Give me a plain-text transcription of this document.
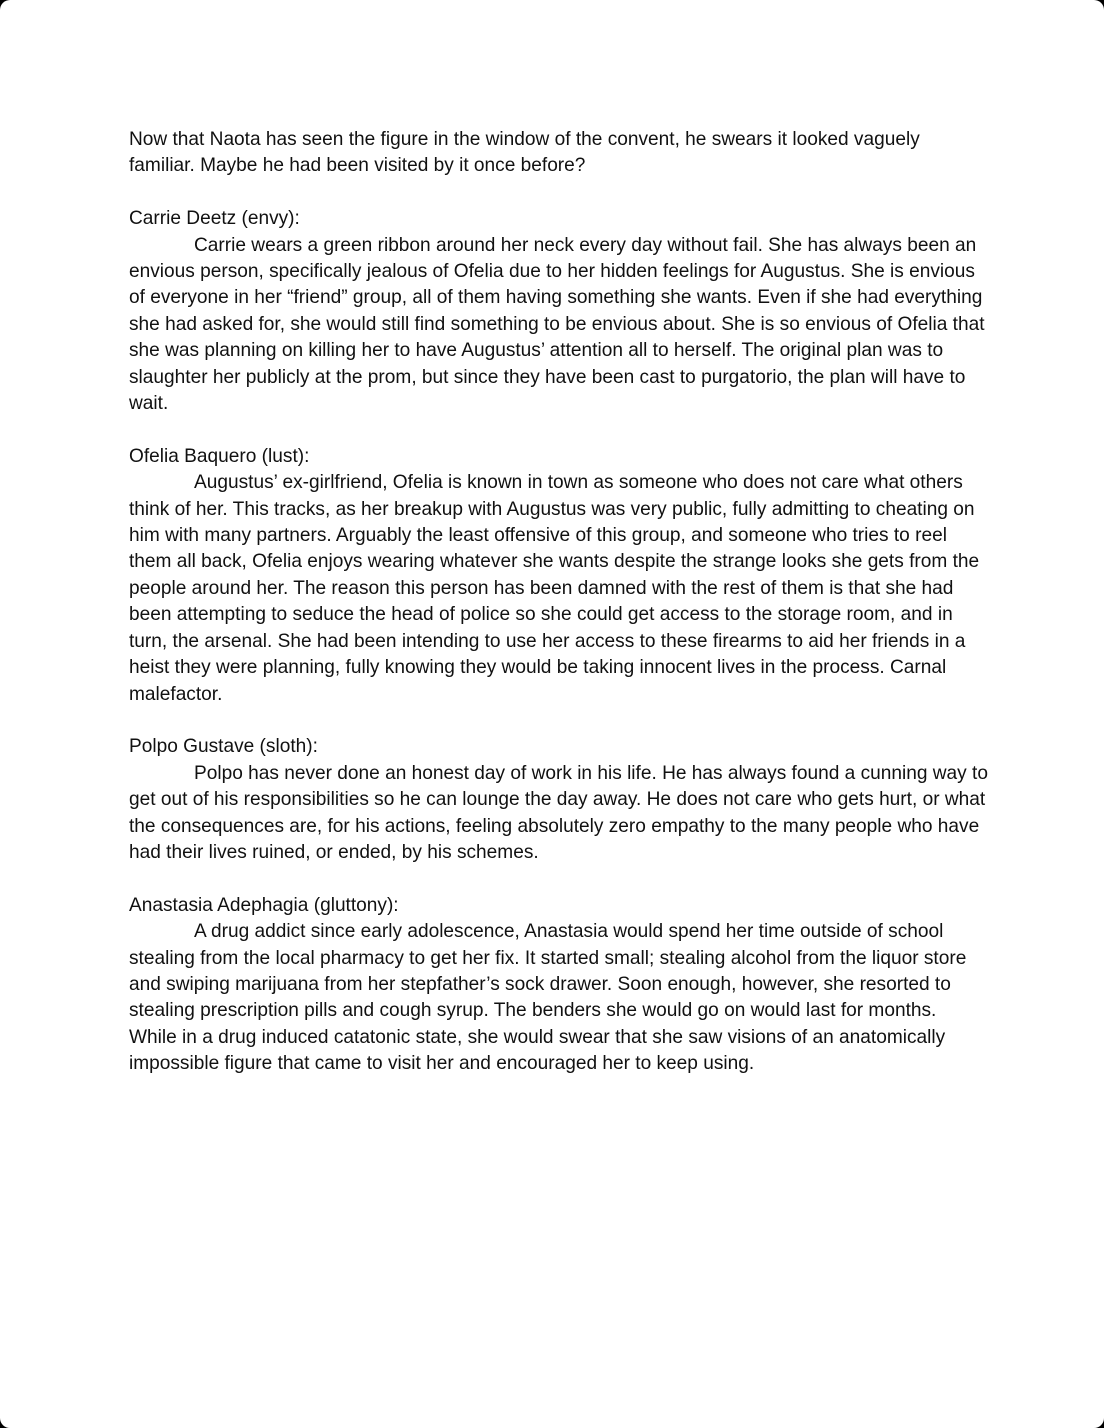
Now that Naota has seen the figure in the window of the convent, he swears it looked vaguely familiar. Maybe he had been visited by it once before?

Carrie Deetz (envy):

Carrie wears a green ribbon around her neck every day without fail. She has always been an envious person, specifically jealous of Ofelia due to her hidden feelings for Augustus. She is envious of everyone in her “friend” group, all of them having something she wants. Even if she had everything she had asked for, she would still find something to be envious about. She is so envious of Ofelia that she was planning on killing her to have Augustus’ attention all to herself. The original plan was to slaughter her publicly at the prom, but since they have been cast to purgatorio, the plan will have to wait.

Ofelia Baquero (lust):

Augustus’ ex-girlfriend, Ofelia is known in town as someone who does not care what others think of her. This tracks, as her breakup with Augustus was very public, fully admitting to cheating on him with many partners. Arguably the least offensive of this group, and someone who tries to reel them all back, Ofelia enjoys wearing whatever she wants despite the strange looks she gets from the people around her. The reason this person has been damned with the rest of them is that she had been attempting to seduce the head of police so she could get access to the storage room, and in turn, the arsenal. She had been intending to use her access to these firearms to aid her friends in a heist they were planning, fully knowing they would be taking innocent lives in the process. Carnal malefactor.

Polpo Gustave (sloth):

Polpo has never done an honest day of work in his life. He has always found a cunning way to get out of his responsibilities so he can lounge the day away. He does not care who gets hurt, or what the consequences are, for his actions, feeling absolutely zero empathy to the many people who have had their lives ruined, or ended, by his schemes.

Anastasia Adephagia (gluttony):

A drug addict since early adolescence, Anastasia would spend her time outside of school stealing from the local pharmacy to get her fix. It started small; stealing alcohol from the liquor store and swiping marijuana from her stepfather’s sock drawer. Soon enough, however, she resorted to stealing prescription pills and cough syrup. The benders she would go on would last for months. While in a drug induced catatonic state, she would swear that she saw visions of an anatomically impossible figure that came to visit her and encouraged her to keep using.
